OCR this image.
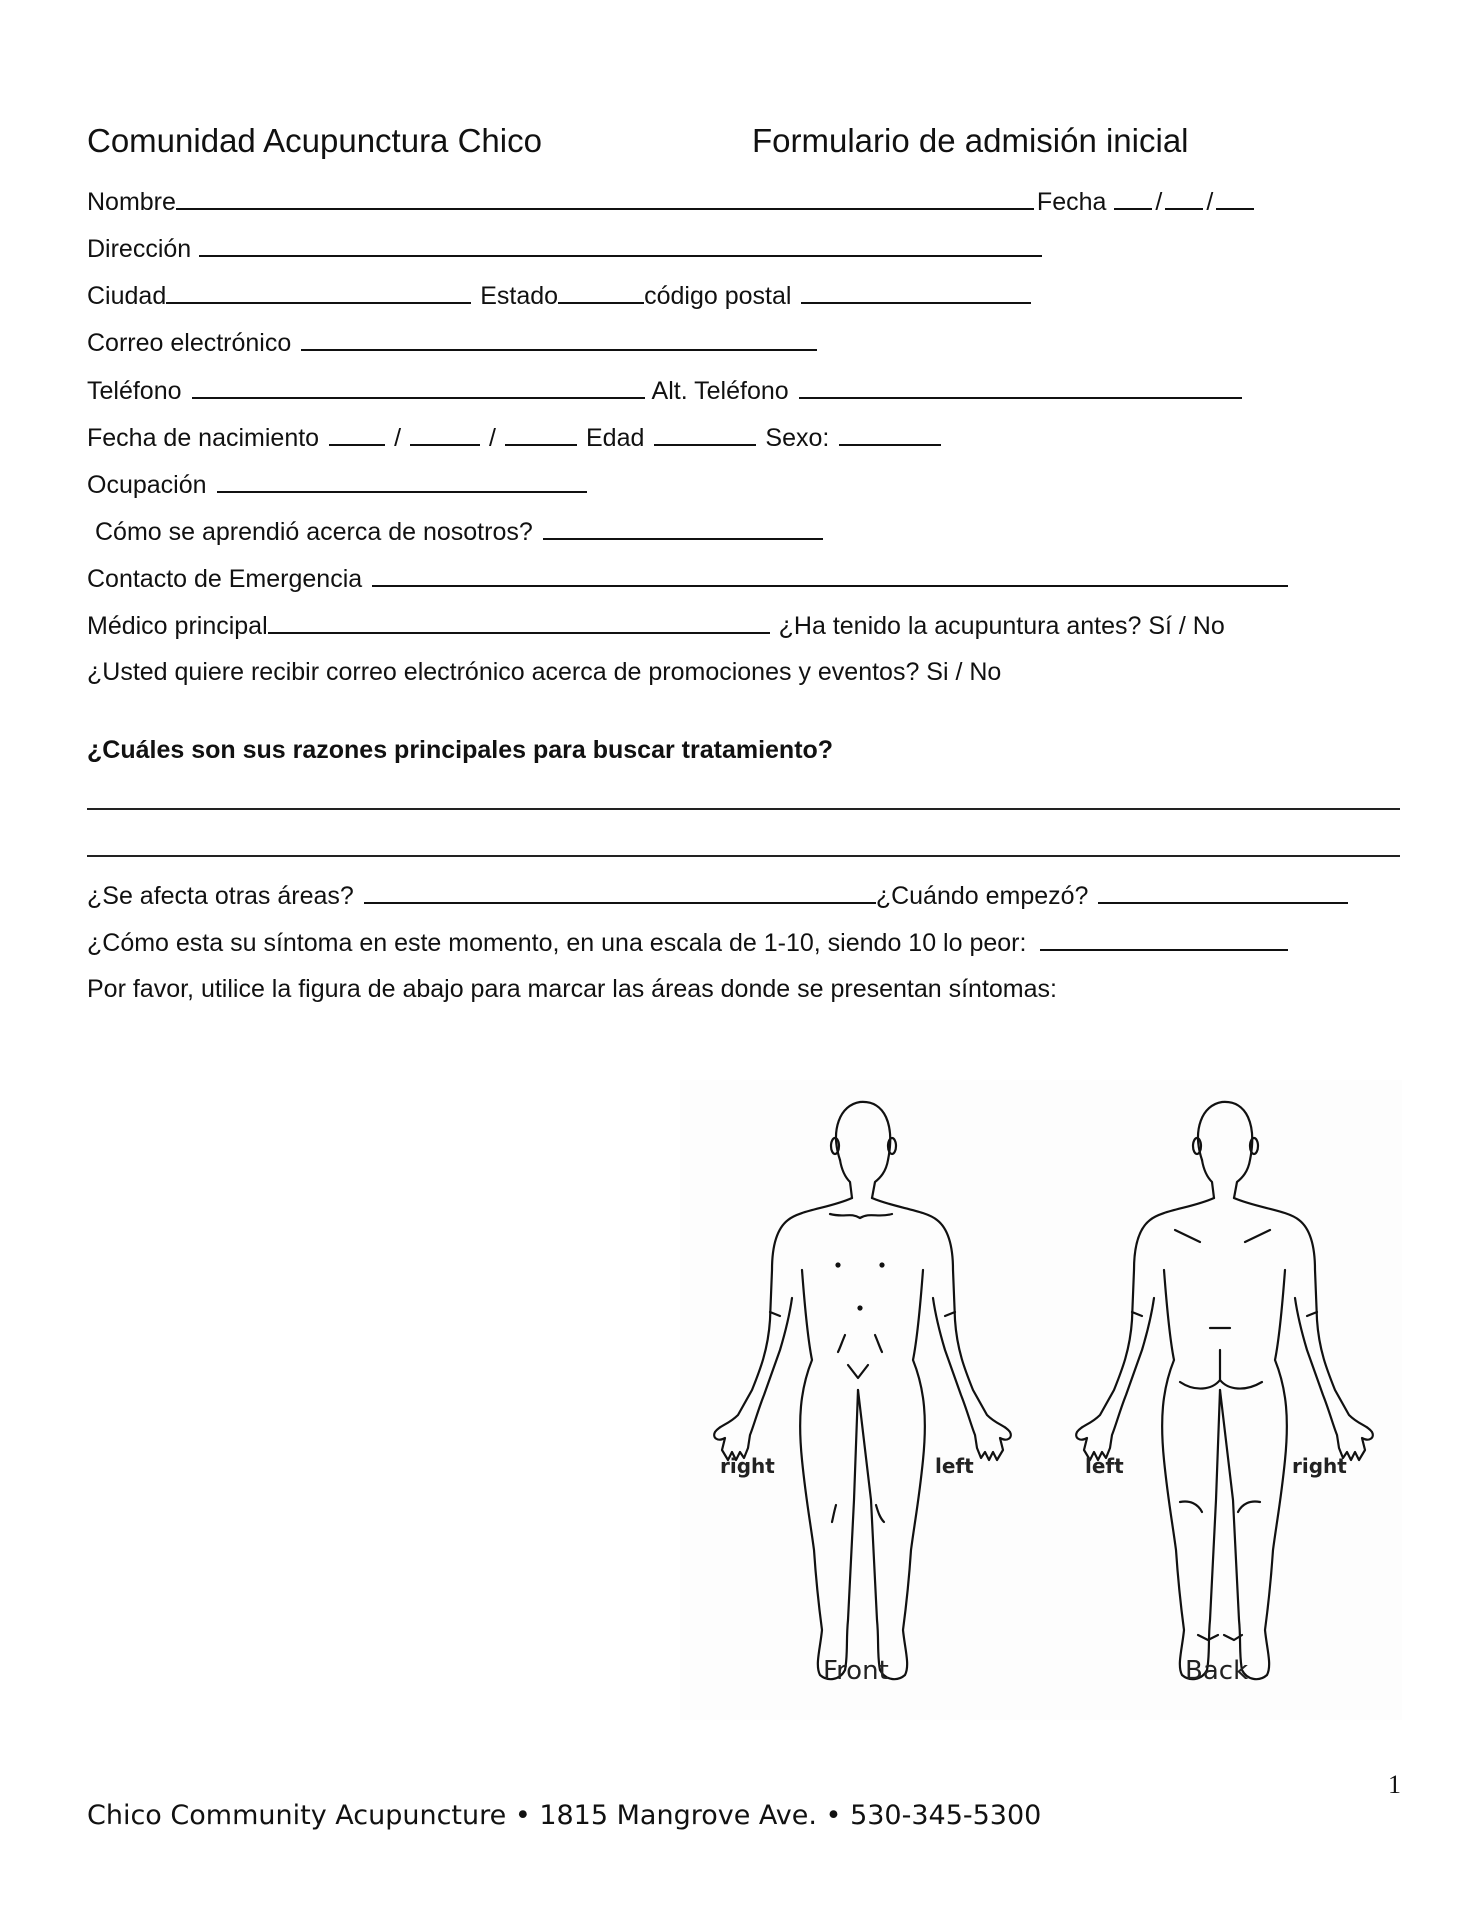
Comunidad Acupunctura Chico	Formulario de admisión inicial
Nombre	Fecha / /
Dirección
Ciudad	Estado	código postal
Correo electrónico
Teléfono	Alt. Teléfono
Fecha de nacimiento	/	/	Edad	Sexo:
Ocupación
Cómo se aprendió acerca de nosotros?
Contacto de Emergencia
Médico principal	¿Ha tenido la acupuntura antes? Sí / No
¿Usted quiere recibir correo electrónico acerca de promociones y eventos? Si / No
¿Cuáles son sus razones principales para buscar tratamiento?
¿Se afecta otras áreas?	¿Cuándo empezó?
¿Cómo esta su síntoma en este momento, en una escala de 1-10, siendo 10 lo peor:
Por favor, utilice la figura de abajo para marcar las áreas donde se presentan síntomas:
right	left	left	right
Front	Back
1
Chico Community Acupuncture • 1815 Mangrove Ave. • 530-345-5300
